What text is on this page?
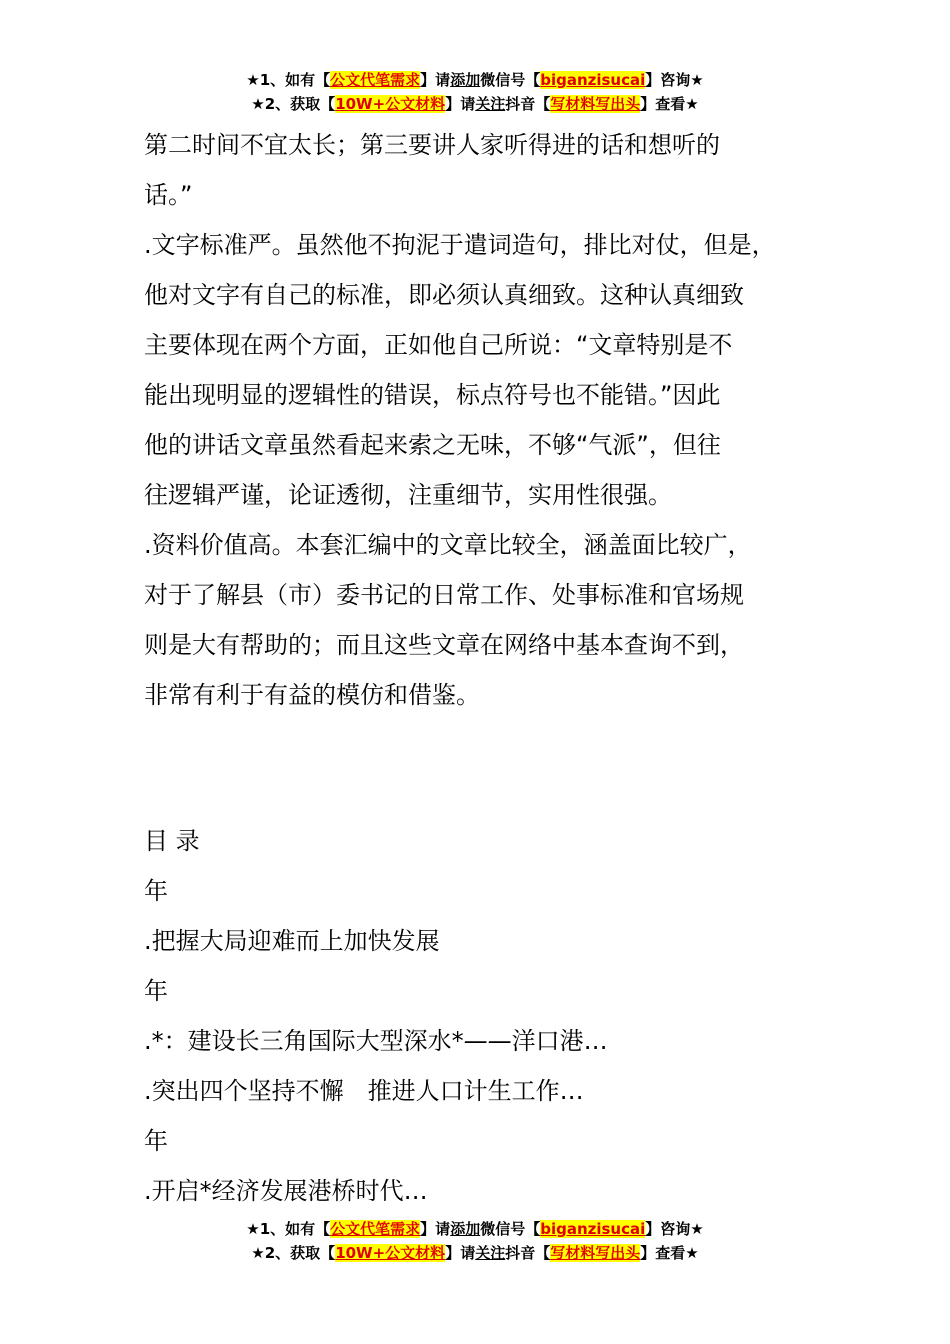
★1、如有【公文代笔需求】请添加微信号【biganzisucai】咨询★
★2、获取【10W+公文材料】请关注抖音【写材料写出头】查看★
第二时间不宜太长；第三要讲人家听得进的话和想听的
话。”
.文字标准严。虽然他不拘泥于遣词造句，排比对仗，但是，
他对文字有自己的标准，即必须认真细致。这种认真细致
主要体现在两个方面，正如他自己所说：“文章特别是不
能出现明显的逻辑性的错误，标点符号也不能错。”因此
他的讲话文章虽然看起来索之无味，不够“气派”，但往
往逻辑严谨，论证透彻，注重细节，实用性很强。
.资料价值高。本套汇编中的文章比较全，涵盖面比较广，
对于了解县（市）委书记的日常工作、处事标准和官场规
则是大有帮助的；而且这些文章在网络中基本查询不到，
非常有利于有益的模仿和借鉴。
目 录
年
.把握大局迎难而上加快发展
年
.*：建设长三角国际大型深水*——洋口港…
.突出四个坚持不懈　推进人口计生工作…
年
.开启*经济发展港桥时代…
★1、如有【公文代笔需求】请添加微信号【biganzisucai】咨询★
★2、获取【10W+公文材料】请关注抖音【写材料写出头】查看★
